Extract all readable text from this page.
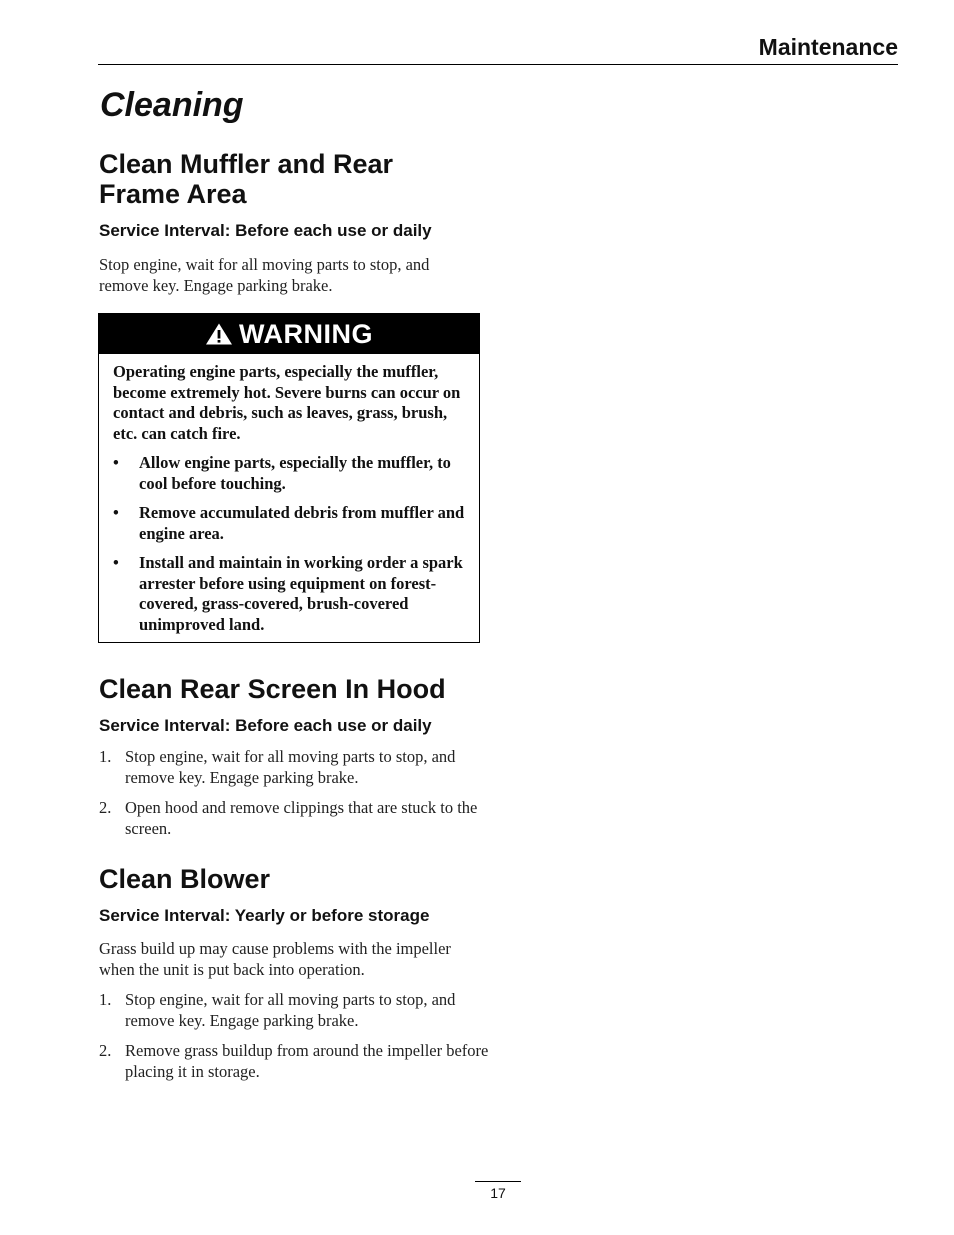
Maintenance
Cleaning
Clean Muffler and Rear
Frame Area

Service Interval: Before each use or daily

Stop engine, wait for all moving parts to stop, and remove key. Engage parking brake.

WARNING

Operating engine parts, especially the muffler, become extremely hot. Severe burns can occur on contact and debris, such as leaves, grass, brush, etc. can catch fire.

• Allow engine parts, especially the muffler, to cool before touching.
• Remove accumulated debris from muffler and engine area.
• Install and maintain in working order a spark arrester before using equipment on forest-covered, grass-covered, brush-covered unimproved land.
Clean Rear Screen In Hood

Service Interval: Before each use or daily

1. Stop engine, wait for all moving parts to stop, and remove key. Engage parking brake.
2. Open hood and remove clippings that are stuck to the screen.
Clean Blower

Service Interval: Yearly or before storage

Grass build up may cause problems with the impeller when the unit is put back into operation.

1. Stop engine, wait for all moving parts to stop, and remove key. Engage parking brake.
2. Remove grass buildup from around the impeller before placing it in storage.
17
